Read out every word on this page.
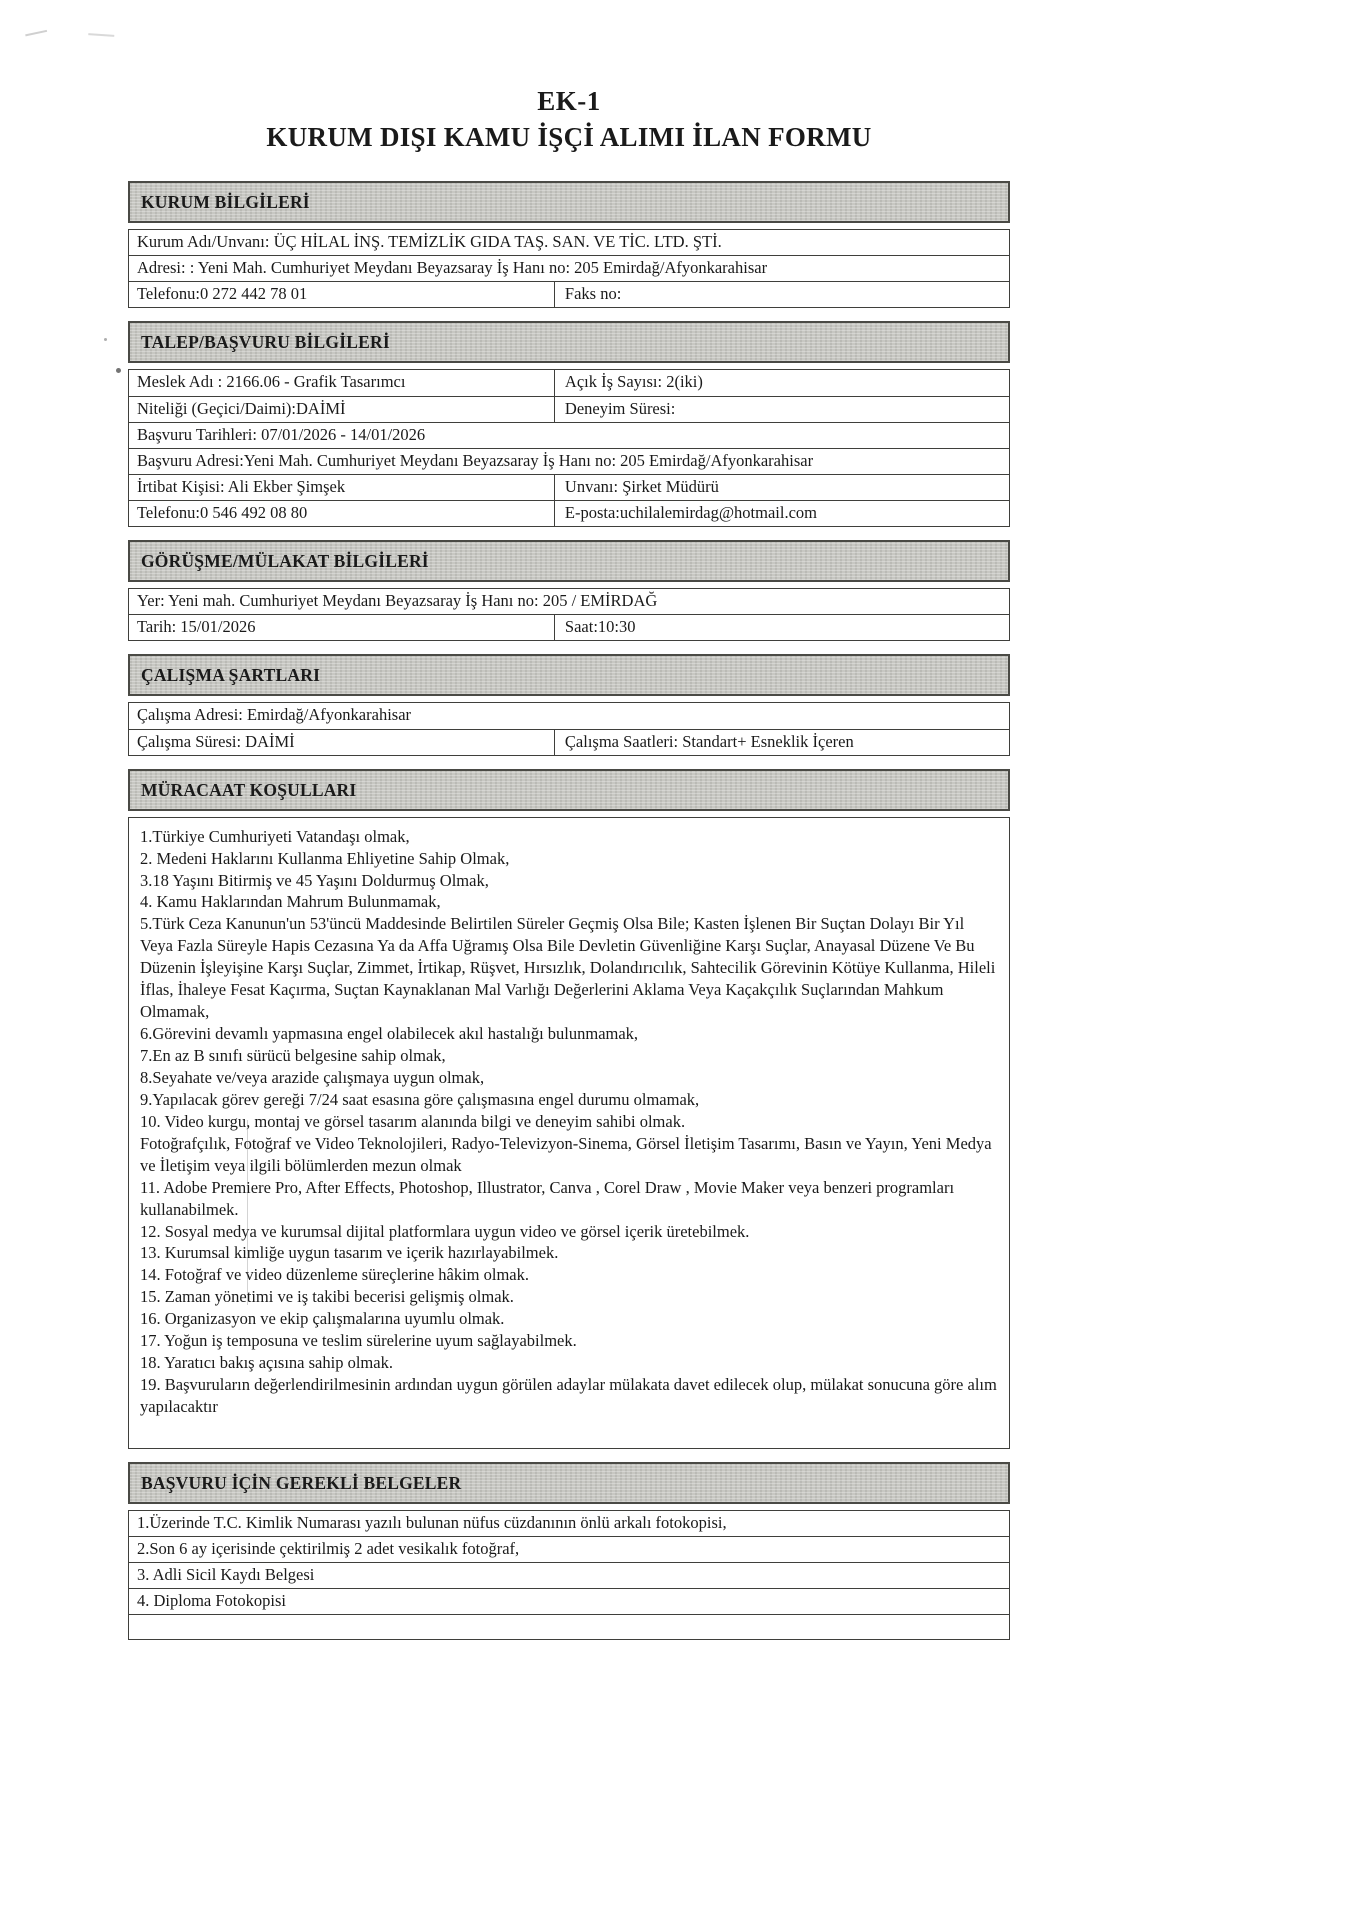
EK-1
KURUM DIŞI KAMU İŞÇİ ALIMI İLAN FORMU
KURUM BİLGİLERİ
Kurum Adı/Unvanı: ÜÇ HİLAL İNŞ. TEMİZLİK GIDA TAŞ. SAN. VE TİC. LTD. ŞTİ.
Adresi: : Yeni Mah. Cumhuriyet Meydanı Beyazsaray İş Hanı no: 205 Emirdağ/Afyonkarahisar
Telefonu:0 272 442 78 01	Faks no:
TALEP/BAŞVURU BİLGİLERİ
Meslek Adı : 2166.06 - Grafik Tasarımcı	Açık İş Sayısı: 2(iki)
Niteliği (Geçici/Daimi):DAİMİ	Deneyim Süresi:
Başvuru Tarihleri: 07/01/2026 - 14/01/2026
Başvuru Adresi:Yeni Mah. Cumhuriyet Meydanı Beyazsaray İş Hanı no: 205 Emirdağ/Afyonkarahisar
İrtibat Kişisi: Ali Ekber Şimşek	Unvanı: Şirket Müdürü
Telefonu:0 546 492 08 80	E-posta:uchilalemirdag@hotmail.com
GÖRÜŞME/MÜLAKAT BİLGİLERİ
Yer: Yeni mah. Cumhuriyet Meydanı Beyazsaray İş Hanı no: 205 / EMİRDAĞ
Tarih: 15/01/2026	Saat:10:30
ÇALIŞMA ŞARTLARI
Çalışma Adresi: Emirdağ/Afyonkarahisar
Çalışma Süresi: DAİMİ	Çalışma Saatleri: Standart+ Esneklik İçeren
MÜRACAAT KOŞULLARI
1.Türkiye Cumhuriyeti Vatandaşı olmak,
2. Medeni Haklarını Kullanma Ehliyetine Sahip Olmak,
3.18 Yaşını Bitirmiş ve 45 Yaşını Doldurmuş Olmak,
4. Kamu Haklarından Mahrum Bulunmamak,
5.Türk Ceza Kanunun'un 53'üncü Maddesinde Belirtilen Süreler Geçmiş Olsa Bile; Kasten İşlenen Bir Suçtan Dolayı Bir Yıl Veya Fazla Süreyle Hapis Cezasına Ya da Affa Uğramış Olsa Bile Devletin Güvenliğine Karşı Suçlar, Anayasal Düzene Ve Bu Düzenin İşleyişine Karşı Suçlar, Zimmet, İrtikap, Rüşvet, Hırsızlık, Dolandırıcılık, Sahtecilik Görevinin Kötüye Kullanma, Hileli İflas, İhaleye Fesat Kaçırma, Suçtan Kaynaklanan Mal Varlığı Değerlerini Aklama Veya Kaçakçılık Suçlarından Mahkum Olmamak,
6.Görevini devamlı yapmasına engel olabilecek akıl hastalığı bulunmamak,
7.En az B sınıfı sürücü belgesine sahip olmak,
8.Seyahate ve/veya arazide çalışmaya uygun olmak,
9.Yapılacak görev gereği 7/24 saat esasına göre çalışmasına engel durumu olmamak,
10. Video kurgu, montaj ve görsel tasarım alanında bilgi ve deneyim sahibi olmak.
Fotoğrafçılık, Fotoğraf ve Video Teknolojileri, Radyo-Televizyon-Sinema, Görsel İletişim Tasarımı, Basın ve Yayın, Yeni Medya ve İletişim veya ilgili bölümlerden mezun olmak
11. Adobe Premiere Pro, After Effects, Photoshop, Illustrator, Canva , Corel Draw , Movie Maker veya benzeri programları kullanabilmek.
12. Sosyal medya ve kurumsal dijital platformlara uygun video ve görsel içerik üretebilmek.
13. Kurumsal kimliğe uygun tasarım ve içerik hazırlayabilmek.
14. Fotoğraf ve video düzenleme süreçlerine hâkim olmak.
15. Zaman yönetimi ve iş takibi becerisi gelişmiş olmak.
16. Organizasyon ve ekip çalışmalarına uyumlu olmak.
17. Yoğun iş temposuna ve teslim sürelerine uyum sağlayabilmek.
18. Yaratıcı bakış açısına sahip olmak.
19. Başvuruların değerlendirilmesinin ardından uygun görülen adaylar mülakata davet edilecek olup, mülakat sonucuna göre alım yapılacaktır
BAŞVURU İÇİN GEREKLİ BELGELER
1.Üzerinde T.C. Kimlik Numarası yazılı bulunan nüfus cüzdanının önlü arkalı fotokopisi,
2.Son 6 ay içerisinde çektirilmiş 2 adet vesikalık fotoğraf,
3. Adli Sicil Kaydı Belgesi
4. Diploma Fotokopisi
